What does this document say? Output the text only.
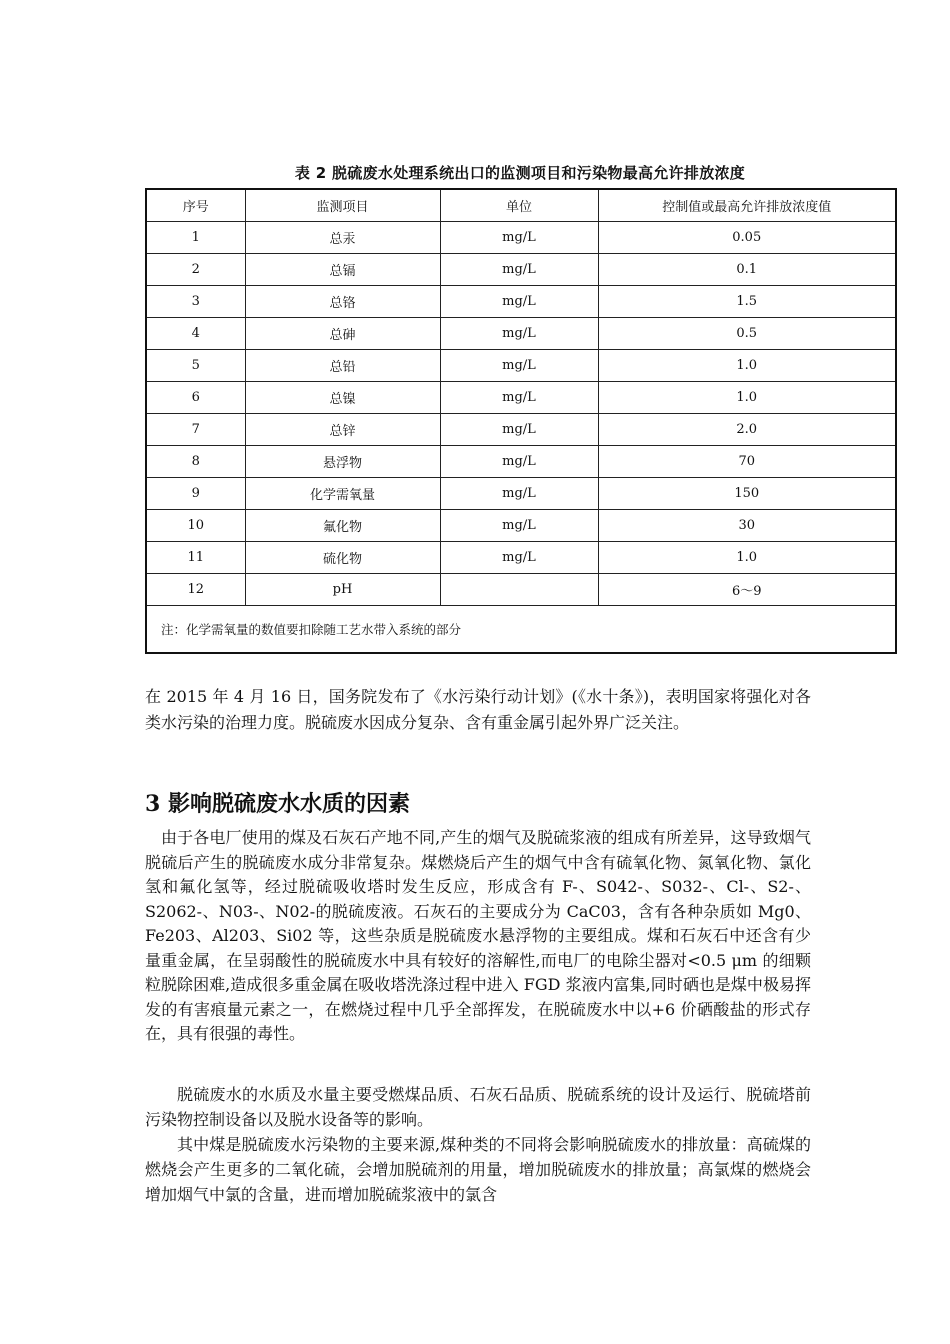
表 2 脱硫废水处理系统出口的监测项目和污染物最高允许排放浓度
序号	监测项目	单位	控制值或最高允许排放浓度值
1	总汞	mg/L	0.05
2	总镉	mg/L	0.1
3	总铬	mg/L	1.5
4	总砷	mg/L	0.5
5	总铅	mg/L	1.0
6	总镍	mg/L	1.0
7	总锌	mg/L	2.0
8	悬浮物	mg/L	70
9	化学需氧量	mg/L	150
10	氟化物	mg/L	30
11	硫化物	mg/L	1.0
12	pH		6～9
注：化学需氧量的数值要扣除随工艺水带入系统的部分			

在 2015 年 4 月 16 日，国务院发布了《水污染行动计划》(《水十条》)，表明国家将强化对各类水污染的治理力度。脱硫废水因成分复杂、含有重金属引起外界广泛关注。

3 影响脱硫废水水质的因素

由于各电厂使用的煤及石灰石产地不同,产生的烟气及脱硫浆液的组成有所差异，这导致烟气脱硫后产生的脱硫废水成分非常复杂。煤燃烧后产生的烟气中含有硫氧化物、氮氧化物、氯化氢和氟化氢等，经过脱硫吸收塔时发生反应，形成含有 F-、S042-、S032-、Cl-、S2-、S2062-、N03-、N02-的脱硫废液。石灰石的主要成分为 CaC03，含有各种杂质如 Mg0、Fe203、Al203、Si02 等，这些杂质是脱硫废水悬浮物的主要组成。煤和石灰石中还含有少量重金属，在呈弱酸性的脱硫废水中具有较好的溶解性,而电厂的电除尘器对<0.5 μm 的细颗粒脱除困难,造成很多重金属在吸收塔洗涤过程中进入 FGD 浆液内富集,同时硒也是煤中极易挥发的有害痕量元素之一，在燃烧过程中几乎全部挥发，在脱硫废水中以+6 价硒酸盐的形式存在，具有很强的毒性。

脱硫废水的水质及水量主要受燃煤品质、石灰石品质、脱硫系统的设计及运行、脱硫塔前污染物控制设备以及脱水设备等的影响。

其中煤是脱硫废水污染物的主要来源,煤种类的不同将会影响脱硫废水的排放量：高硫煤的燃烧会产生更多的二氧化硫，会增加脱硫剂的用量，增加脱硫废水的排放量；高氯煤的燃烧会增加烟气中氯的含量，进而增加脱硫浆液中的氯含
